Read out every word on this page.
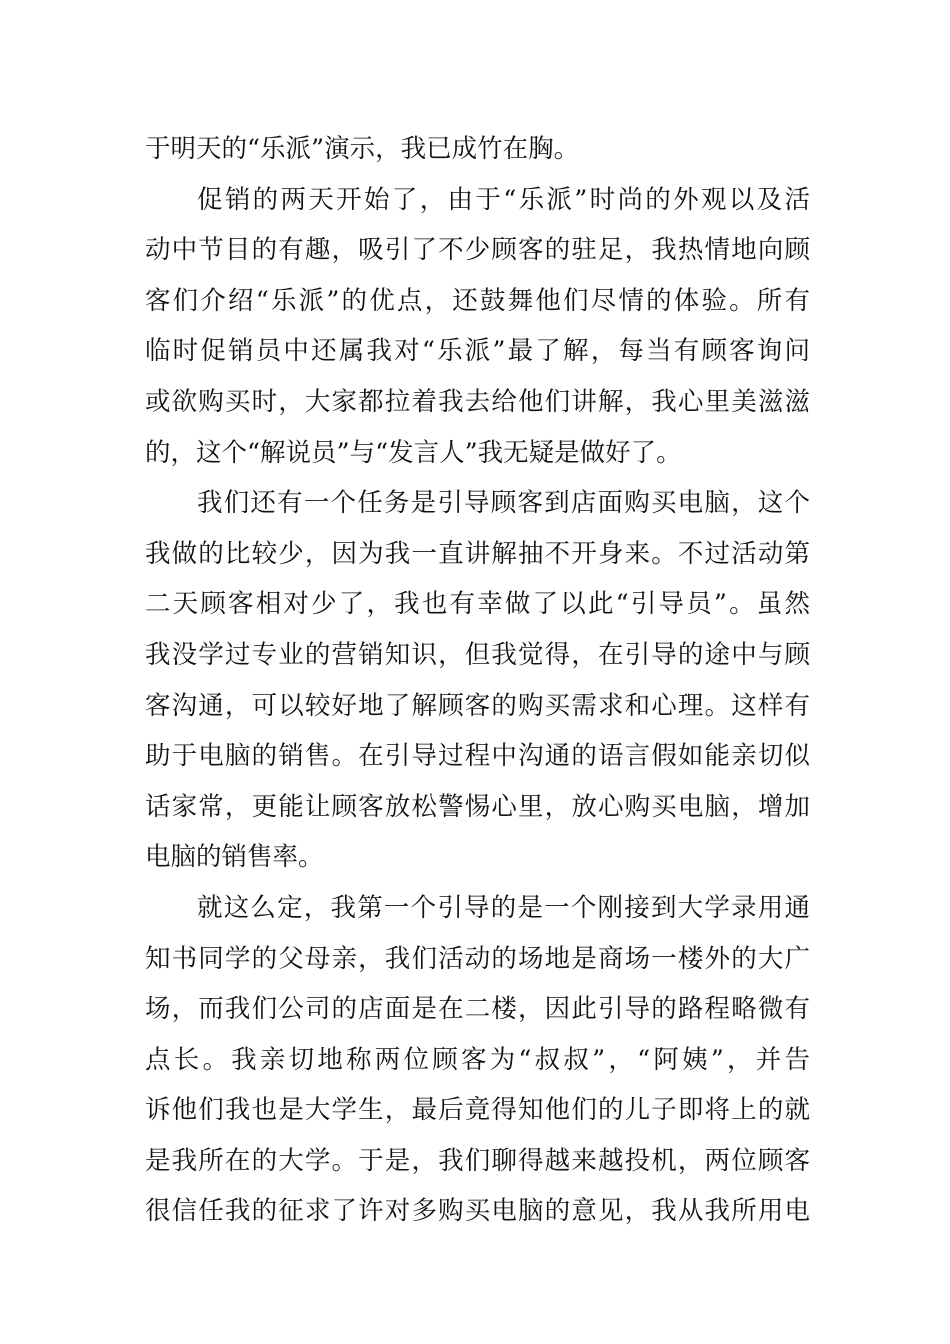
于明天的“乐派”演示，我已成竹在胸。
促销的两天开始了，由于“乐派”时尚的外观以及活
动中节目的有趣，吸引了不少顾客的驻足，我热情地向顾
客们介绍“乐派”的优点，还鼓舞他们尽情的体验。所有
临时促销员中还属我对“乐派”最了解，每当有顾客询问
或欲购买时，大家都拉着我去给他们讲解，我心里美滋滋
的，这个“解说员”与“发言人”我无疑是做好了。
我们还有一个任务是引导顾客到店面购买电脑，这个
我做的比较少，因为我一直讲解抽不开身来。不过活动第
二天顾客相对少了，我也有幸做了以此“引导员”。虽然
我没学过专业的营销知识，但我觉得，在引导的途中与顾
客沟通，可以较好地了解顾客的购买需求和心理。这样有
助于电脑的销售。在引导过程中沟通的语言假如能亲切似
话家常，更能让顾客放松警惕心里，放心购买电脑，增加
电脑的销售率。
就这么定，我第一个引导的是一个刚接到大学录用通
知书同学的父母亲，我们活动的场地是商场一楼外的大广
场，而我们公司的店面是在二楼，因此引导的路程略微有
点长。我亲切地称两位顾客为“叔叔”，“阿姨”，并告
诉他们我也是大学生，最后竟得知他们的儿子即将上的就
是我所在的大学。于是，我们聊得越来越投机，两位顾客
很信任我的征求了许对多购买电脑的意见，我从我所用电
